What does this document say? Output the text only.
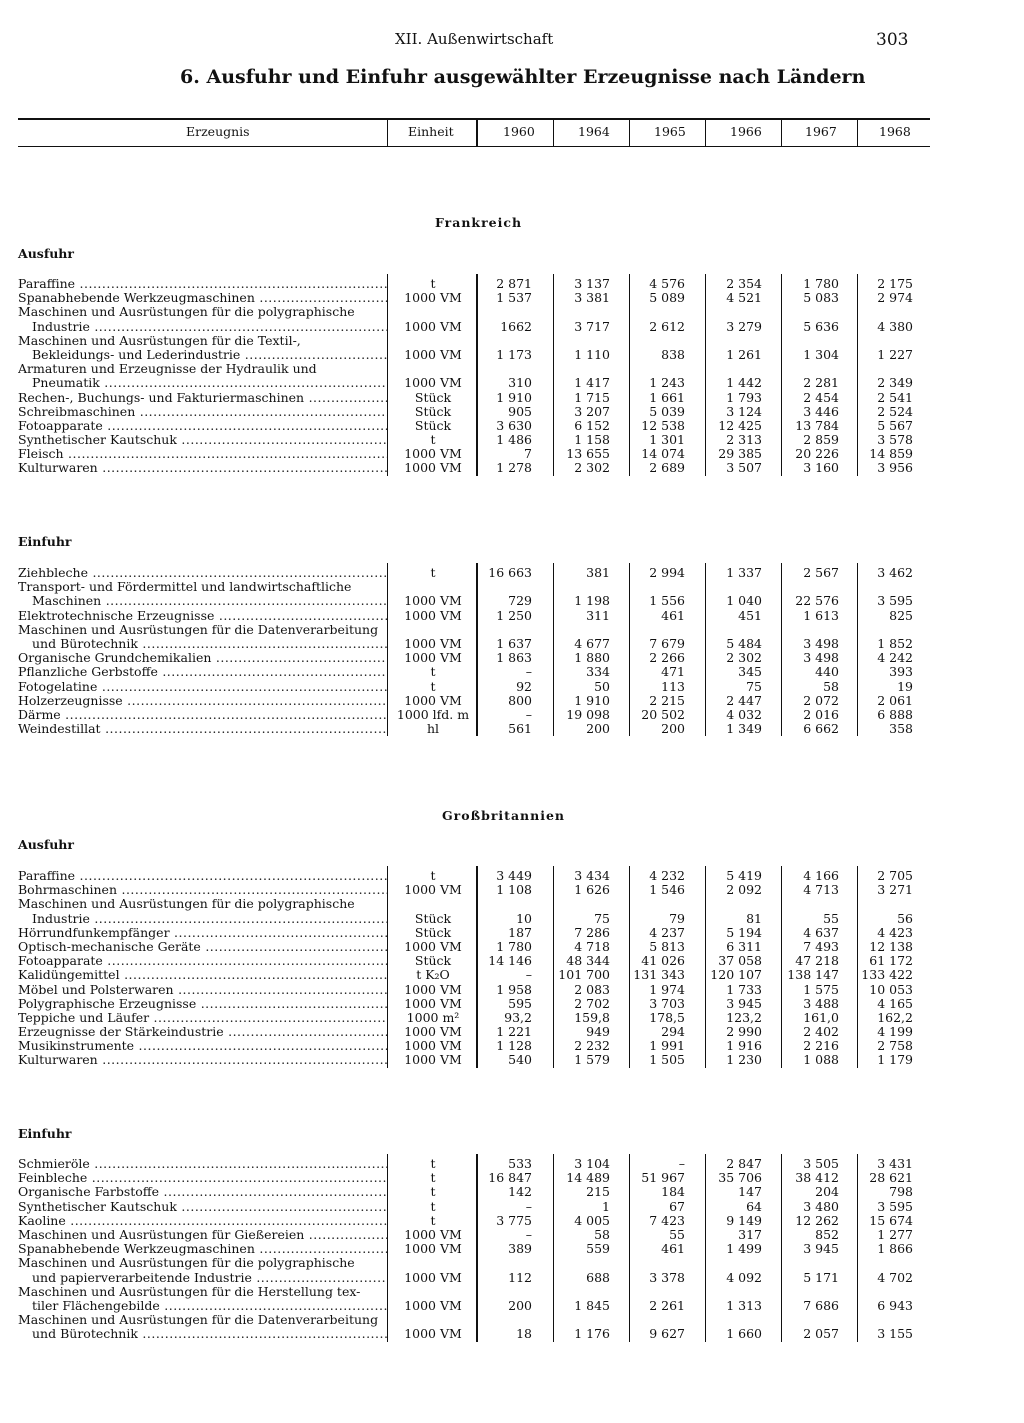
XII. Außenwirtschaft	303
6. Ausfuhr und Einfuhr ausgewählter Erzeugnisse nach Ländern
Erzeugnis	Einheit	1960	1964	1965	1966	1967	1968
Frankreich
Ausfuhr
Paraffine .....	t	2 871	3 137	4 576	2 354	1 780	2 175
Spanabhebende Werkzeugmaschinen .....	1000 VM	1 537	3 381	5 089	4 521	5 083	2 974
Maschinen und Ausrüstungen für die polygraphische
Industrie .....	1000 VM	1662	3 717	2 612	3 279	5 636	4 380
Maschinen und Ausrüstungen für die Textil-,
Bekleidungs- und Lederindustrie .....	1000 VM	1 173	1 110	838	1 261	1 304	1 227
Armaturen und Erzeugnisse der Hydraulik und
Pneumatik .....	1000 VM	310	1 417	1 243	1 442	2 281	2 349
Rechen-, Buchungs- und Fakturiermaschinen .....	Stück	1 910	1 715	1 661	1 793	2 454	2 541
Schreibmaschinen .....	Stück	905	3 207	5 039	3 124	3 446	2 524
Fotoapparate .....	Stück	3 630	6 152	12 538	12 425	13 784	5 567
Synthetischer Kautschuk .....	t	1 486	1 158	1 301	2 313	2 859	3 578
Fleisch .....	1000 VM	7	13 655	14 074	29 385	20 226	14 859
Kulturwaren .....	1000 VM	1 278	2 302	2 689	3 507	3 160	3 956
Einfuhr
Ziehbleche .....	t	16 663	381	2 994	1 337	2 567	3 462
Transport- und Fördermittel und landwirtschaftliche
Maschinen .....	1000 VM	729	1 198	1 556	1 040	22 576	3 595
Elektrotechnische Erzeugnisse .....	1000 VM	1 250	311	461	451	1 613	825
Maschinen und Ausrüstungen für die Datenverarbeitung
und Bürotechnik .....	1000 VM	1 637	4 677	7 679	5 484	3 498	1 852
Organische Grundchemikalien .....	1000 VM	1 863	1 880	2 266	2 302	3 498	4 242
Pflanzliche Gerbstoffe .....	t	–	334	471	345	440	393
Fotogelatine .....	t	92	50	113	75	58	19
Holzerzeugnisse .....	1000 VM	800	1 910	2 215	2 447	2 072	2 061
Därme .....	1000 lfd. m	–	19 098	20 502	4 032	2 016	6 888
Weindestillat .....	hl	561	200	200	1 349	6 662	358
Großbritannien
Ausfuhr
Paraffine .....	t	3 449	3 434	4 232	5 419	4 166	2 705
Bohrmaschinen .....	1000 VM	1 108	1 626	1 546	2 092	4 713	3 271
Maschinen und Ausrüstungen für die polygraphische
Industrie .....	Stück	10	75	79	81	55	56
Hörrundfunkempfänger .....	Stück	187	7 286	4 237	5 194	4 637	4 423
Optisch-mechanische Geräte .....	1000 VM	1 780	4 718	5 813	6 311	7 493	12 138
Fotoapparate .....	Stück	14 146	48 344	41 026	37 058	47 218	61 172
Kalidüngemittel .....	t K₂O	–	101 700	131 343	120 107	138 147	133 422
Möbel und Polsterwaren .....	1000 VM	1 958	2 083	1 974	1 733	1 575	10 053
Polygraphische Erzeugnisse .....	1000 VM	595	2 702	3 703	3 945	3 488	4 165
Teppiche und Läufer .....	1000 m²	93,2	159,8	178,5	123,2	161,0	162,2
Erzeugnisse der Stärkeindustrie .....	1000 VM	1 221	949	294	2 990	2 402	4 199
Musikinstrumente .....	1000 VM	1 128	2 232	1 991	1 916	2 216	2 758
Kulturwaren .....	1000 VM	540	1 579	1 505	1 230	1 088	1 179
Einfuhr
Schmieröle .....	t	533	3 104	–	2 847	3 505	3 431
Feinbleche .....	t	16 847	14 489	51 967	35 706	38 412	28 621
Organische Farbstoffe .....	t	142	215	184	147	204	798
Synthetischer Kautschuk .....	t	–	1	67	64	3 480	3 595
Kaoline .....	t	3 775	4 005	7 423	9 149	12 262	15 674
Maschinen und Ausrüstungen für Gießereien .....	1000 VM	–	58	55	317	852	1 277
Spanabhebende Werkzeugmaschinen .....	1000 VM	389	559	461	1 499	3 945	1 866
Maschinen und Ausrüstungen für die polygraphische
und papierverarbeitende Industrie .....	1000 VM	112	688	3 378	4 092	5 171	4 702
Maschinen und Ausrüstungen für die Herstellung tex-
tiler Flächengebilde .....	1000 VM	200	1 845	2 261	1 313	7 686	6 943
Maschinen und Ausrüstungen für die Datenverarbeitung
und Bürotechnik .....	1000 VM	18	1 176	9 627	1 660	2 057	3 155
